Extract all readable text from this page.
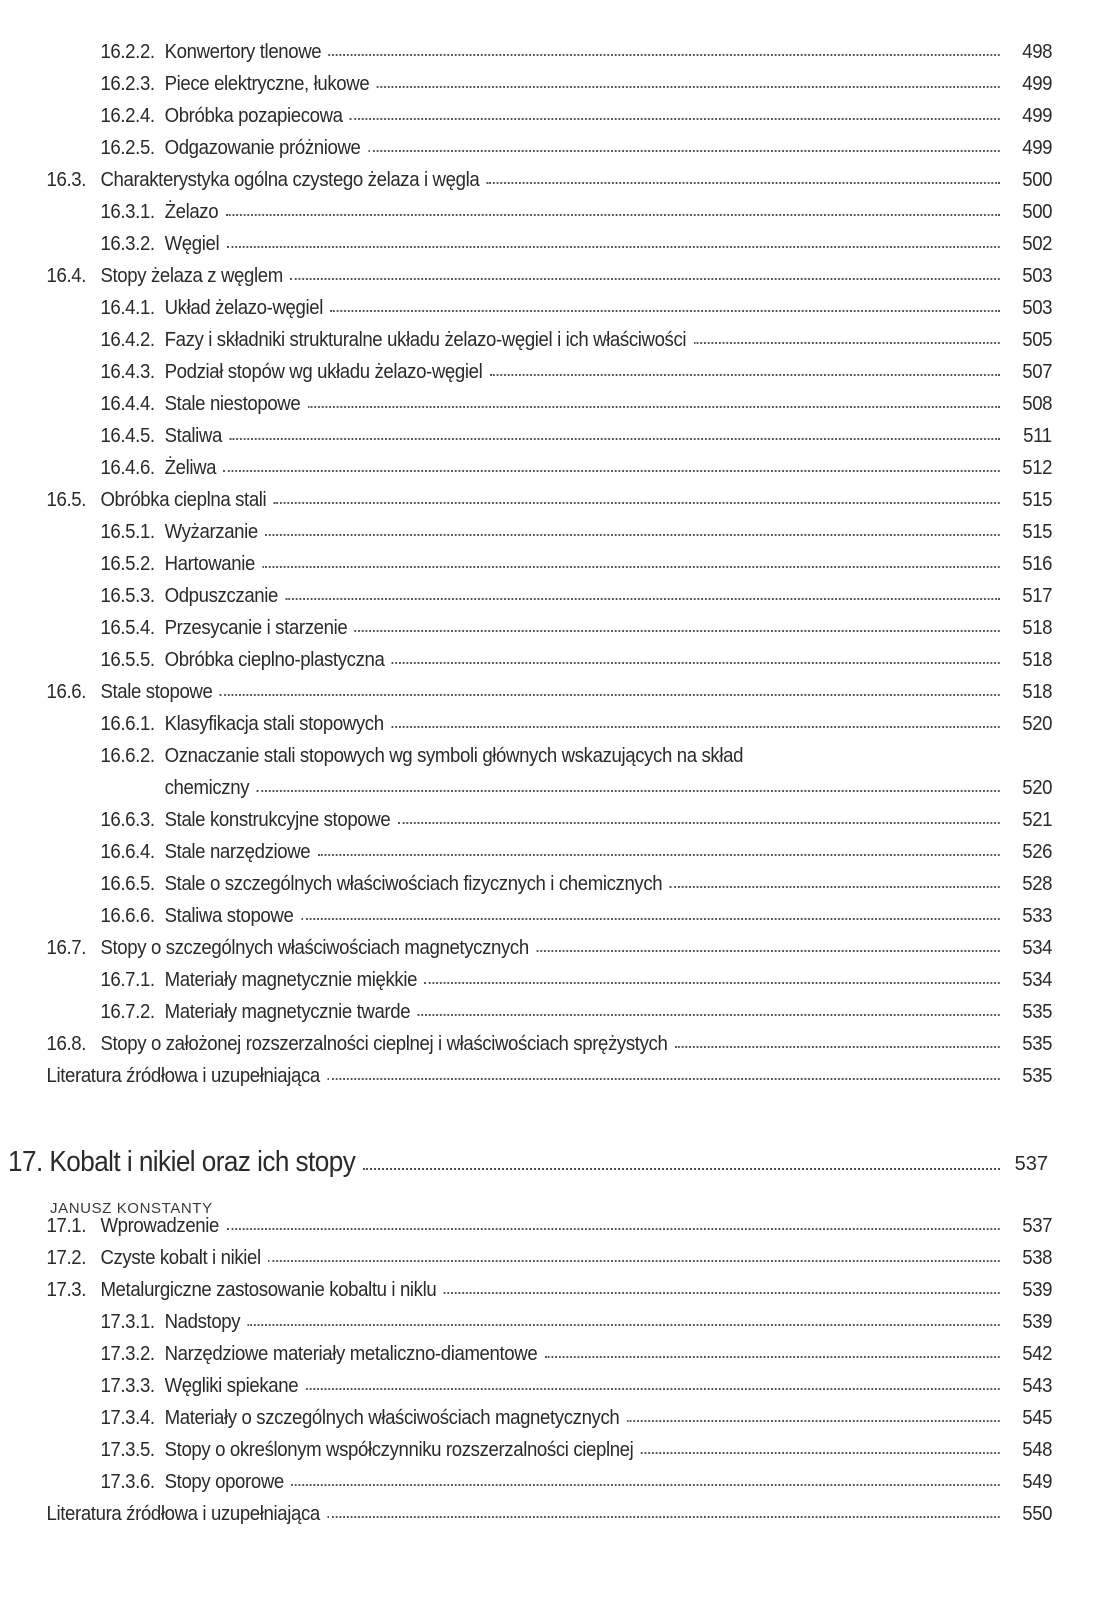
16.2.2. Konwertory tlenowe	498
16.2.3. Piece elektryczne, łukowe	499
16.2.4. Obróbka pozapiecowa	499
16.2.5. Odgazowanie próżniowe	499
16.3. Charakterystyka ogólna czystego żelaza i węgla	500
16.3.1. Żelazo	500
16.3.2. Węgiel	502
16.4. Stopy żelaza z węglem	503
16.4.1. Układ żelazo-węgiel	503
16.4.2. Fazy i składniki strukturalne układu żelazo-węgiel i ich właściwości	505
16.4.3. Podział stopów wg układu żelazo-węgiel	507
16.4.4. Stale niestopowe	508
16.4.5. Staliwa	511
16.4.6. Żeliwa	512
16.5. Obróbka cieplna stali	515
16.5.1. Wyżarzanie	515
16.5.2. Hartowanie	516
16.5.3. Odpuszczanie	517
16.5.4. Przesycanie i starzenie	518
16.5.5. Obróbka cieplno-plastyczna	518
16.6. Stale stopowe	518
16.6.1. Klasyfikacja stali stopowych	520
16.6.2. Oznaczanie stali stopowych wg symboli głównych wskazujących na skład
chemiczny	520
16.6.3. Stale konstrukcyjne stopowe	521
16.6.4. Stale narzędziowe	526
16.6.5. Stale o szczególnych właściwościach fizycznych i chemicznych	528
16.6.6. Staliwa stopowe	533
16.7. Stopy o szczególnych właściwościach magnetycznych	534
16.7.1. Materiały magnetycznie miękkie	534
16.7.2. Materiały magnetycznie twarde	535
16.8. Stopy o założonej rozszerzalności cieplnej i właściwościach sprężystych	535
Literatura źródłowa i uzupełniająca	535
17. Kobalt i nikiel oraz ich stopy	537
JANUSZ KONSTANTY
17.1. Wprowadzenie	537
17.2. Czyste kobalt i nikiel	538
17.3. Metalurgiczne zastosowanie kobaltu i niklu	539
17.3.1. Nadstopy	539
17.3.2. Narzędziowe materiały metaliczno-diamentowe	542
17.3.3. Węgliki spiekane	543
17.3.4. Materiały o szczególnych właściwościach magnetycznych	545
17.3.5. Stopy o określonym współczynniku rozszerzalności cieplnej	548
17.3.6. Stopy oporowe	549
Literatura źródłowa i uzupełniająca	550
